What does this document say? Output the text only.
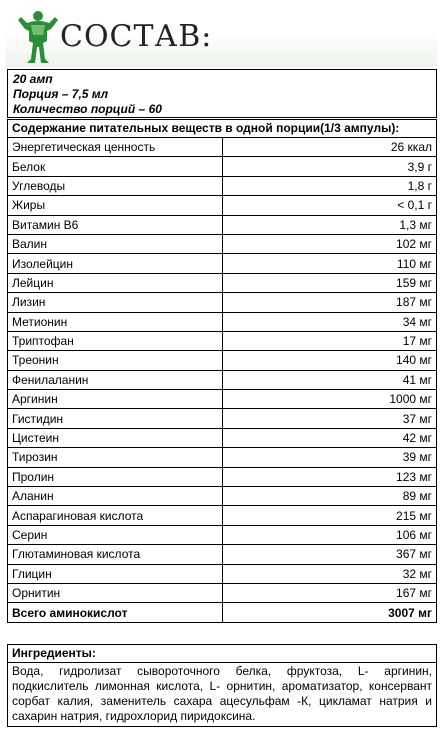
СОСТАВ:
20 амп
Порция – 7,5 мл
Количество порций – 60
Содержание питательных веществ в одной порции(1/3 ампулы):	
Энергетическая ценность	26 ккал
Белок	3,9 г
Углеводы	1,8 г
Жиры	< 0,1 г
Витамин В6	1,3 мг
Валин	102 мг
Изолейцин	110 мг
Лейцин	159 мг
Лизин	187 мг
Метионин	34 мг
Триптофан	17 мг
Треонин	140 мг
Фенилаланин	41 мг
Аргинин	1000 мг
Гистидин	37 мг
Цистеин	42 мг
Тирозин	39 мг
Пролин	123 мг
Аланин	89 мг
Аспарагиновая кислота	215 мг
Серин	106 мг
Глютаминовая кислота	367 мг
Глицин	32 мг
Орнитин	167 мг
Всего аминокислот	3007 мг
Ингредиенты:
Вода, гидролизат сывороточного белка, фруктоза, L- аргинин, подкислитель лимонная кислота, L- орнитин, ароматизатор, консервант сорбат калия, заменитель сахара ацесульфам -К, цикламат натрия и сахарин натрия, гидрохлорид пиридоксина.
